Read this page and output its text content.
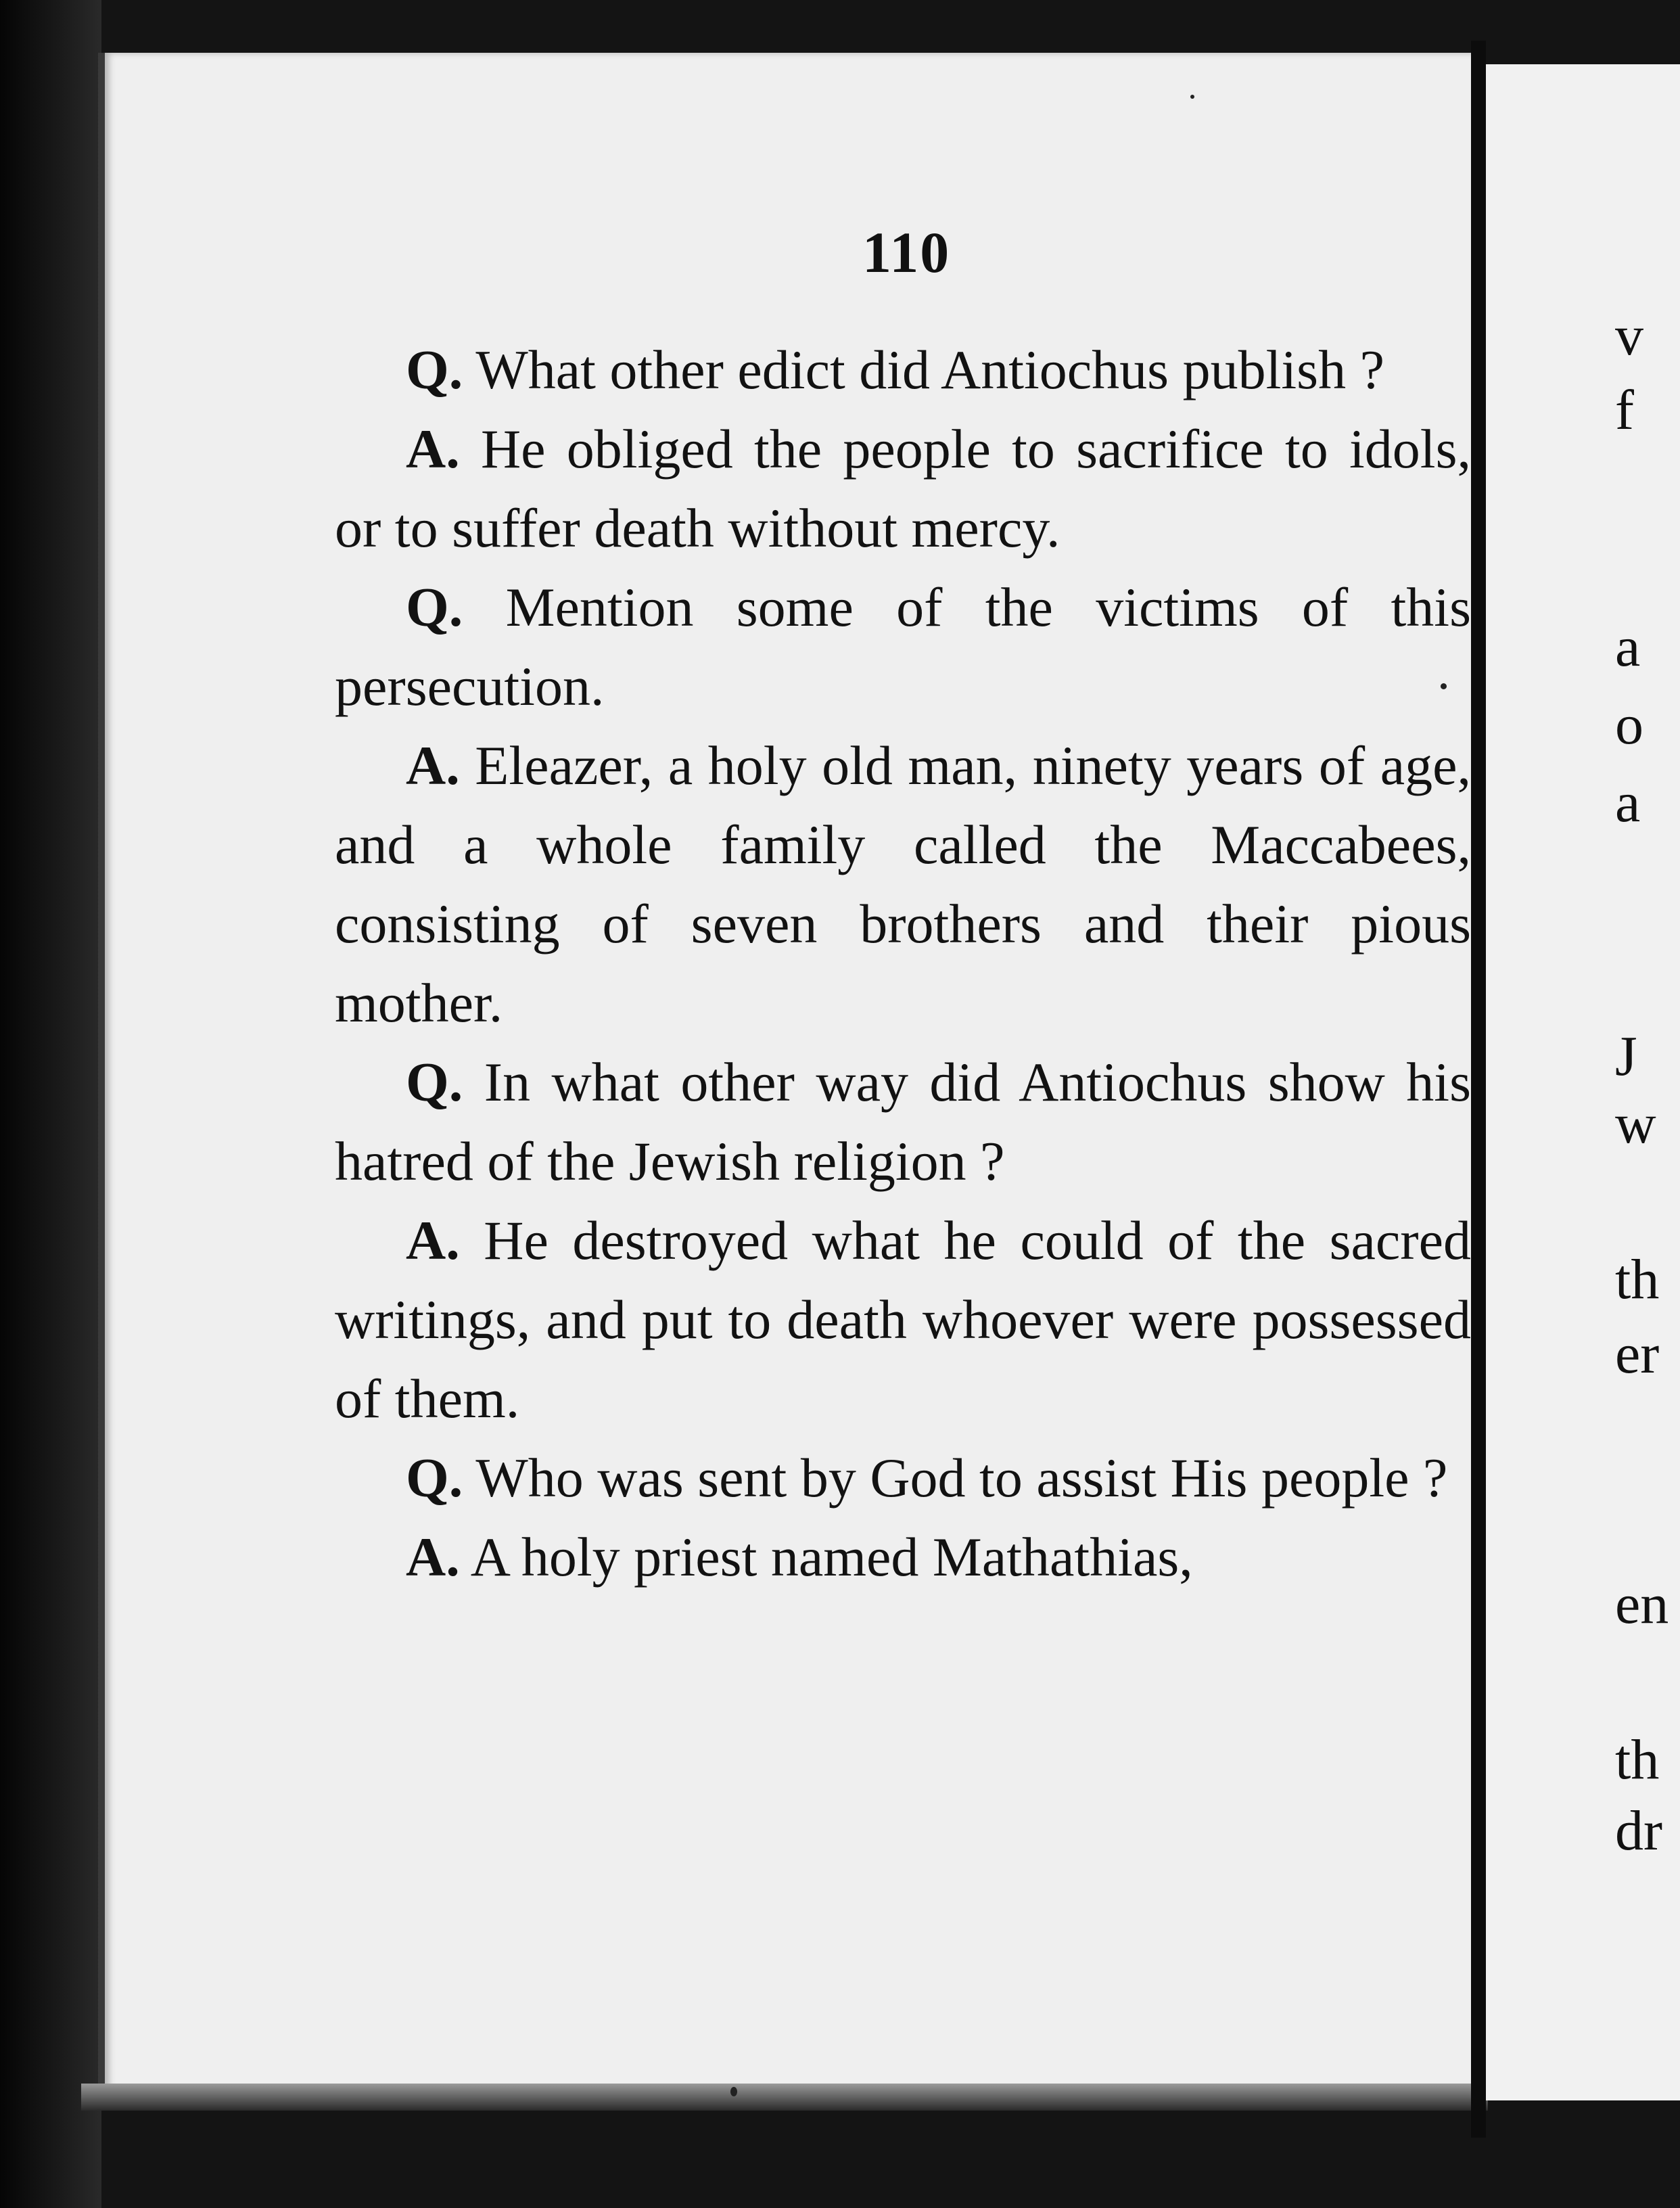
110

Q. What other edict did Antiochus publish ?

A. He obliged the people to sacrifice to idols, or to suffer death without mercy.

Q. Mention some of the victims of this persecution.

A. Eleazer, a holy old man, ninety years of age, and a whole family called the Maccabees, consisting of seven brothers and their pious mother.

Q. In what other way did Antiochus show his hatred of the Jewish religion ?

A. He destroyed what he could of the sacred writings, and put to death whoever were possessed of them.

Q. Who was sent by God to assist His people ?

A. A holy priest named Mathathias,

v
f
a
o
a
J
w
th
er
en
th
dr
